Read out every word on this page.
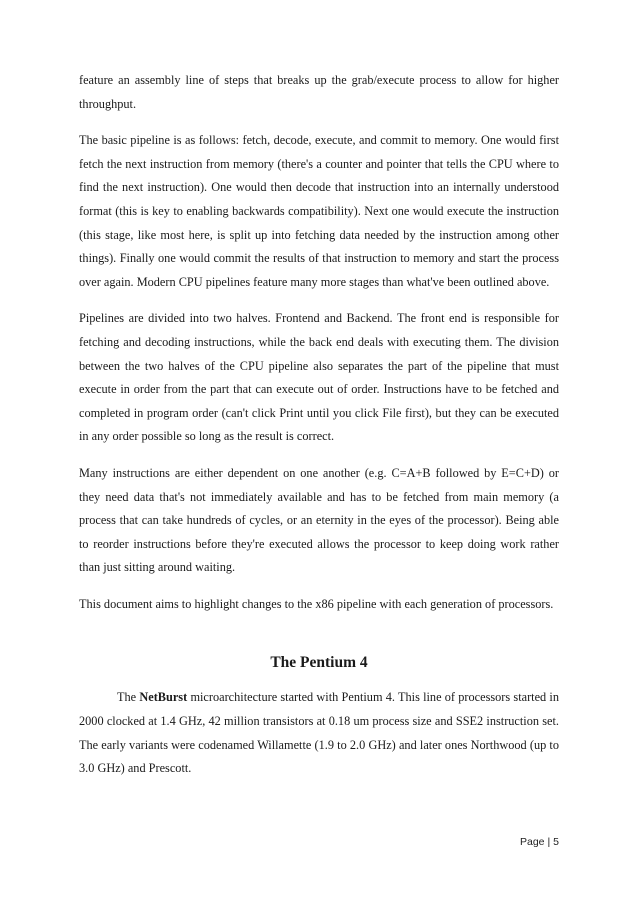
feature an assembly line of steps that breaks up the grab/execute process to allow for higher throughput.

The basic pipeline is as follows: fetch, decode, execute, and commit to memory. One would first fetch the next instruction from memory (there's a counter and pointer that tells the CPU where to find the next instruction). One would then decode that instruction into an internally understood format (this is key to enabling backwards compatibility). Next one would execute the instruction (this stage, like most here, is split up into fetching data needed by the instruction among other things). Finally one would commit the results of that instruction to memory and start the process over again. Modern CPU pipelines feature many more stages than what've been outlined above.

Pipelines are divided into two halves. Frontend and Backend. The front end is responsible for fetching and decoding instructions, while the back end deals with executing them. The division between the two halves of the CPU pipeline also separates the part of the pipeline that must execute in order from the part that can execute out of order. Instructions have to be fetched and completed in program order (can't click Print until you click File first), but they can be executed in any order possible so long as the result is correct.

Many instructions are either dependent on one another (e.g. C=A+B followed by E=C+D) or they need data that's not immediately available and has to be fetched from main memory (a process that can take hundreds of cycles, or an eternity in the eyes of the processor). Being able to reorder instructions before they're executed allows the processor to keep doing work rather than just sitting around waiting.

This document aims to highlight changes to the x86 pipeline with each generation of processors.

The Pentium 4

The NetBurst microarchitecture started with Pentium 4. This line of processors started in 2000 clocked at 1.4 GHz, 42 million transistors at 0.18 um process size and SSE2 instruction set. The early variants were codenamed Willamette (1.9 to 2.0 GHz) and later ones Northwood (up to 3.0 GHz) and Prescott.

Page | 5
